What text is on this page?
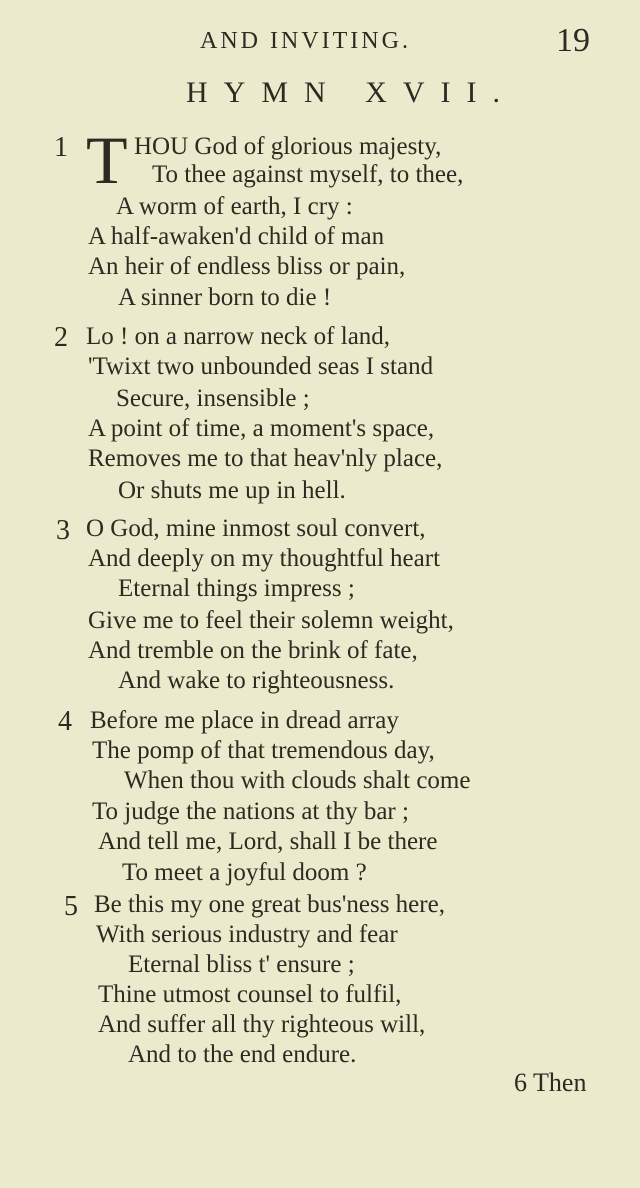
AND INVITING.	19
HYMN XVII.
1 T HOU God of glorious majesty,
To thee against myself, to thee,
A worm of earth, I cry :
A half-awaken'd child of man
An heir of endless bliss or pain,
A sinner born to die !
2 Lo ! on a narrow neck of land,
'Twixt two unbounded seas I stand
Secure, insensible ;
A point of time, a moment's space,
Removes me to that heav'nly place,
Or shuts me up in hell.
3 O God, mine inmost soul convert,
And deeply on my thoughtful heart
Eternal things impress ;
Give me to feel their solemn weight,
And tremble on the brink of fate,
And wake to righteousness.
4 Before me place in dread array
The pomp of that tremendous day,
When thou with clouds shalt come
To judge the nations at thy bar ;
And tell me, Lord, shall I be there
To meet a joyful doom ?
5 Be this my one great bus'ness here,
With serious industry and fear
Eternal bliss t' ensure ;
Thine utmost counsel to fulfil,
And suffer all thy righteous will,
And to the end endure.
6 Then
